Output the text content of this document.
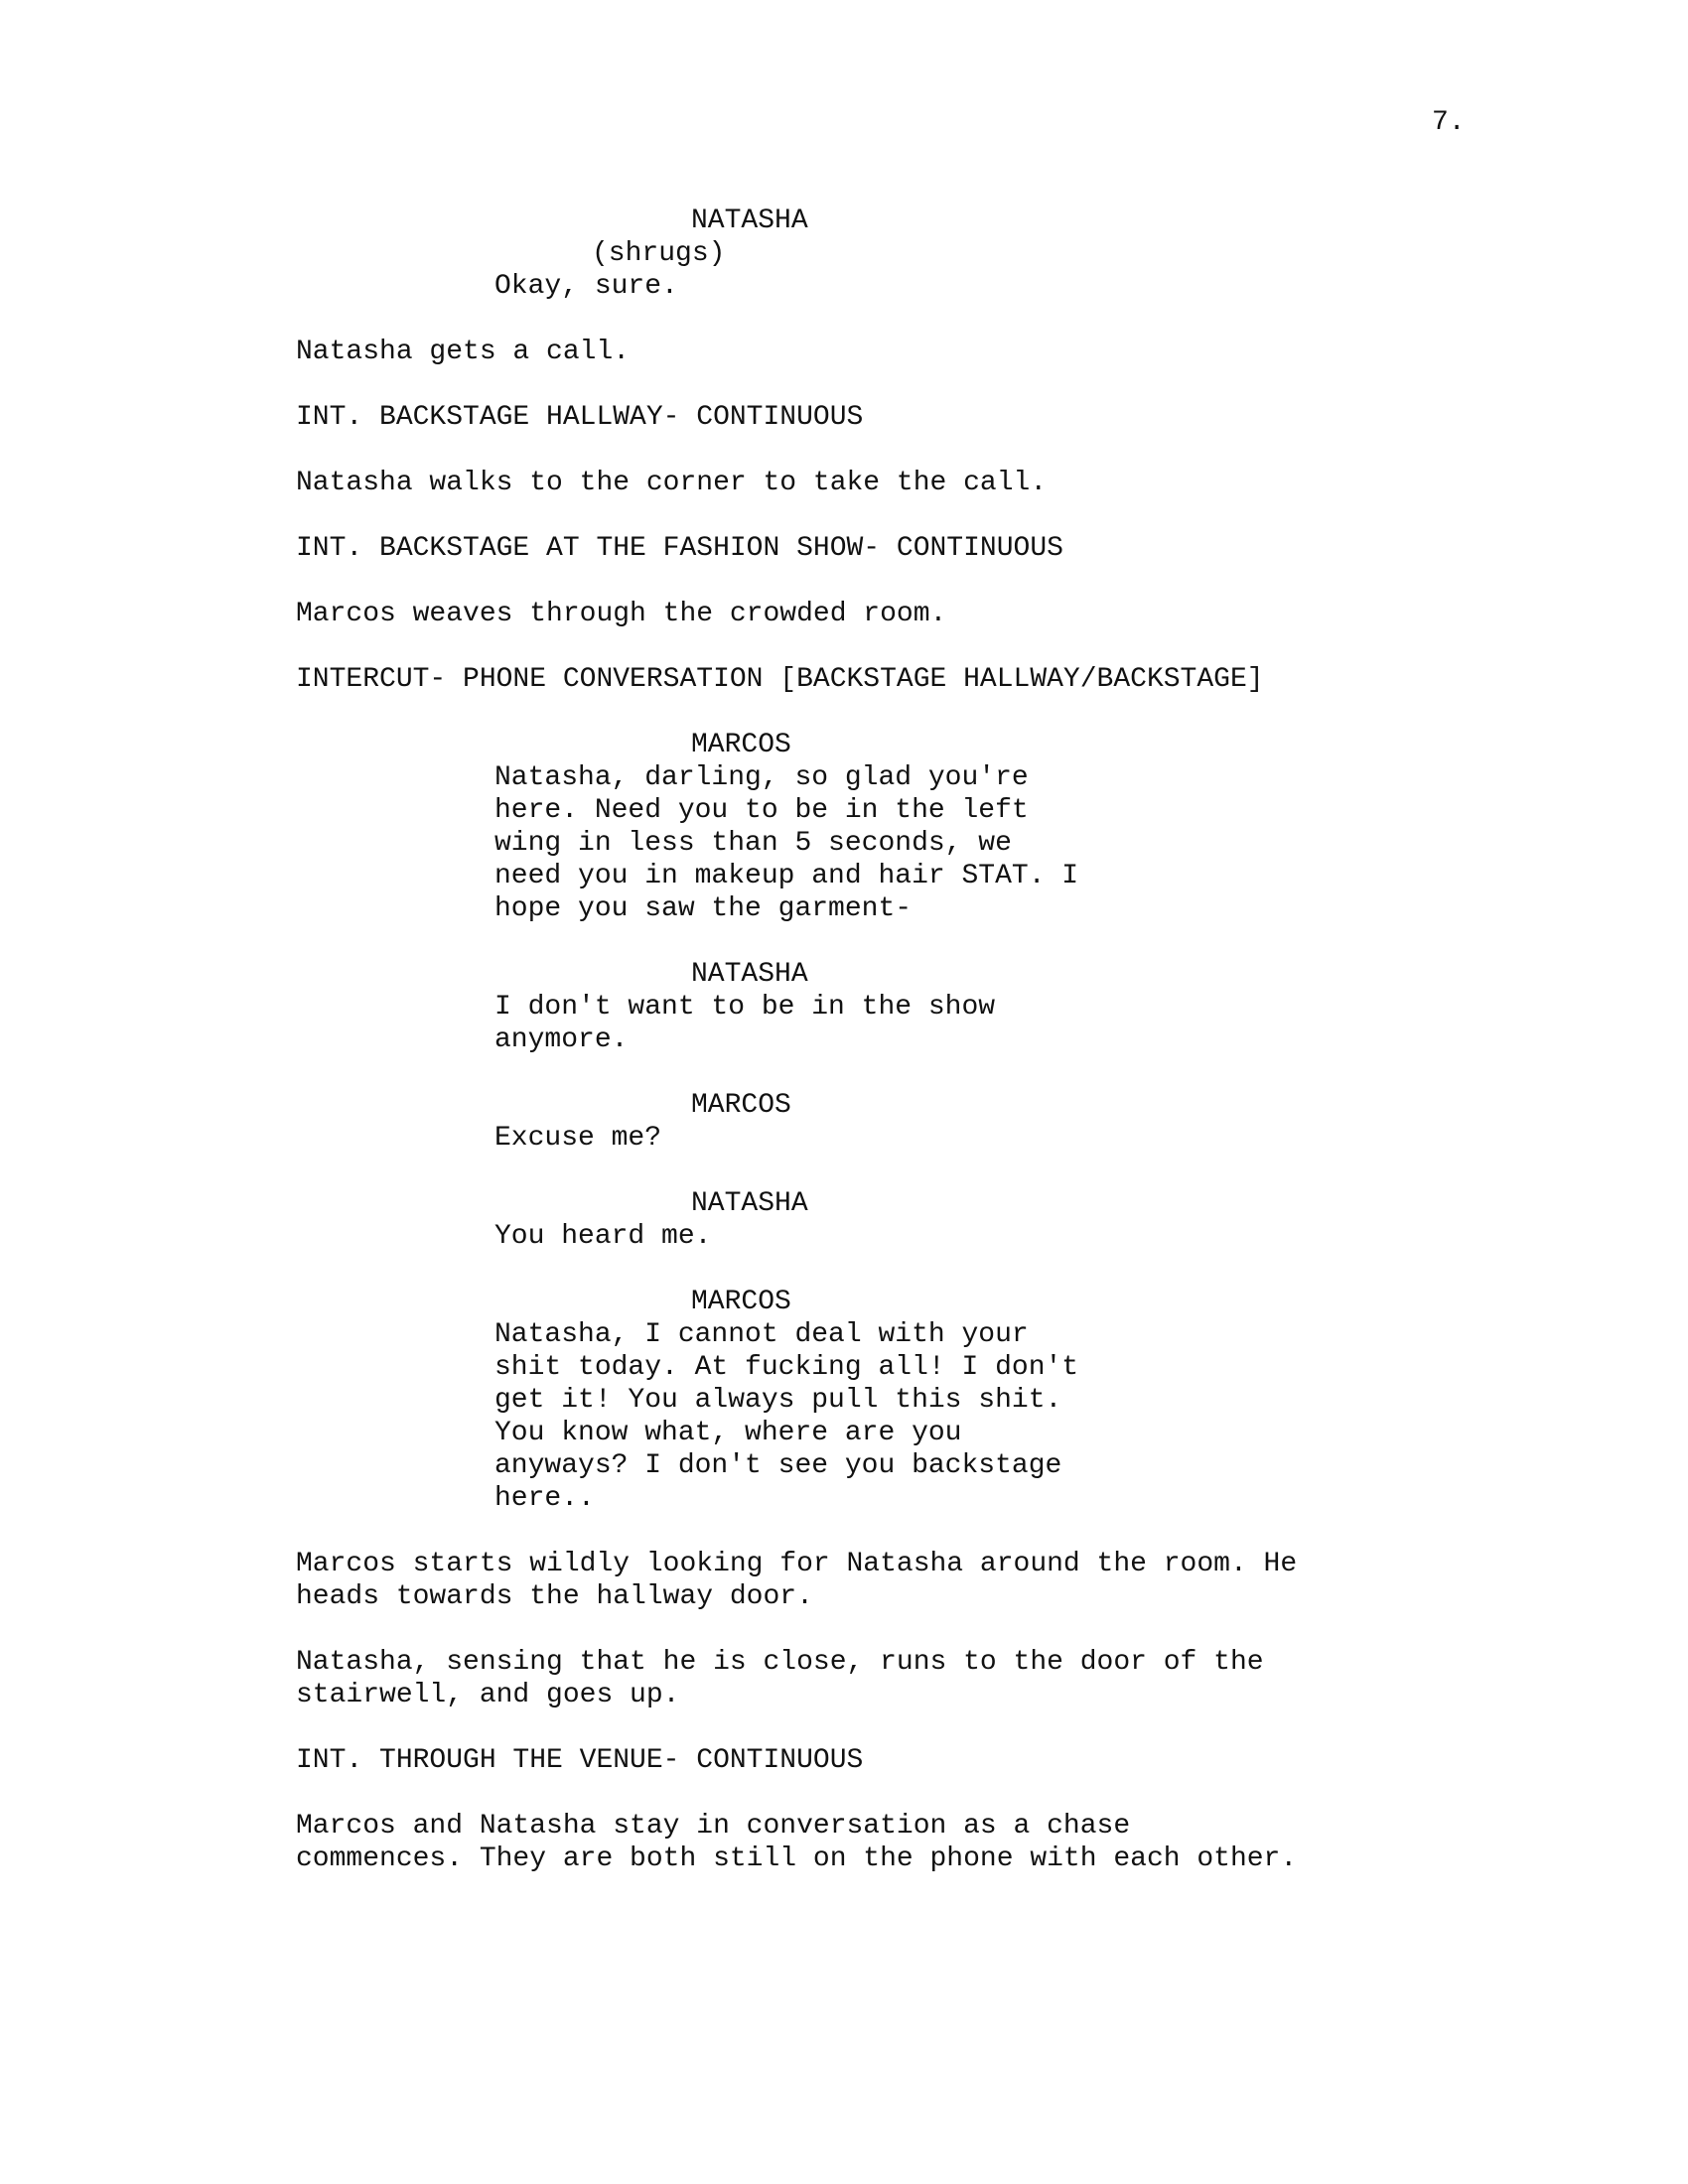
7.

NATASHA

(shrugs)

Okay, sure.

Natasha gets a call.

INT. BACKSTAGE HALLWAY- CONTINUOUS

Natasha walks to the corner to take the call.

INT. BACKSTAGE AT THE FASHION SHOW- CONTINUOUS

Marcos weaves through the crowded room.

INTERCUT- PHONE CONVERSATION [BACKSTAGE HALLWAY/BACKSTAGE]

MARCOS

Natasha, darling, so glad you're
here. Need you to be in the left
wing in less than 5 seconds, we
need you in makeup and hair STAT. I
hope you saw the garment-

NATASHA

I don't want to be in the show
anymore.

MARCOS

Excuse me?

NATASHA

You heard me.

MARCOS

Natasha, I cannot deal with your
shit today. At fucking all! I don't
get it! You always pull this shit.
You know what, where are you
anyways? I don't see you backstage
here..

Marcos starts wildly looking for Natasha around the room. He
heads towards the hallway door.

Natasha, sensing that he is close, runs to the door of the
stairwell, and goes up.

INT. THROUGH THE VENUE- CONTINUOUS

Marcos and Natasha stay in conversation as a chase
commences. They are both still on the phone with each other.
